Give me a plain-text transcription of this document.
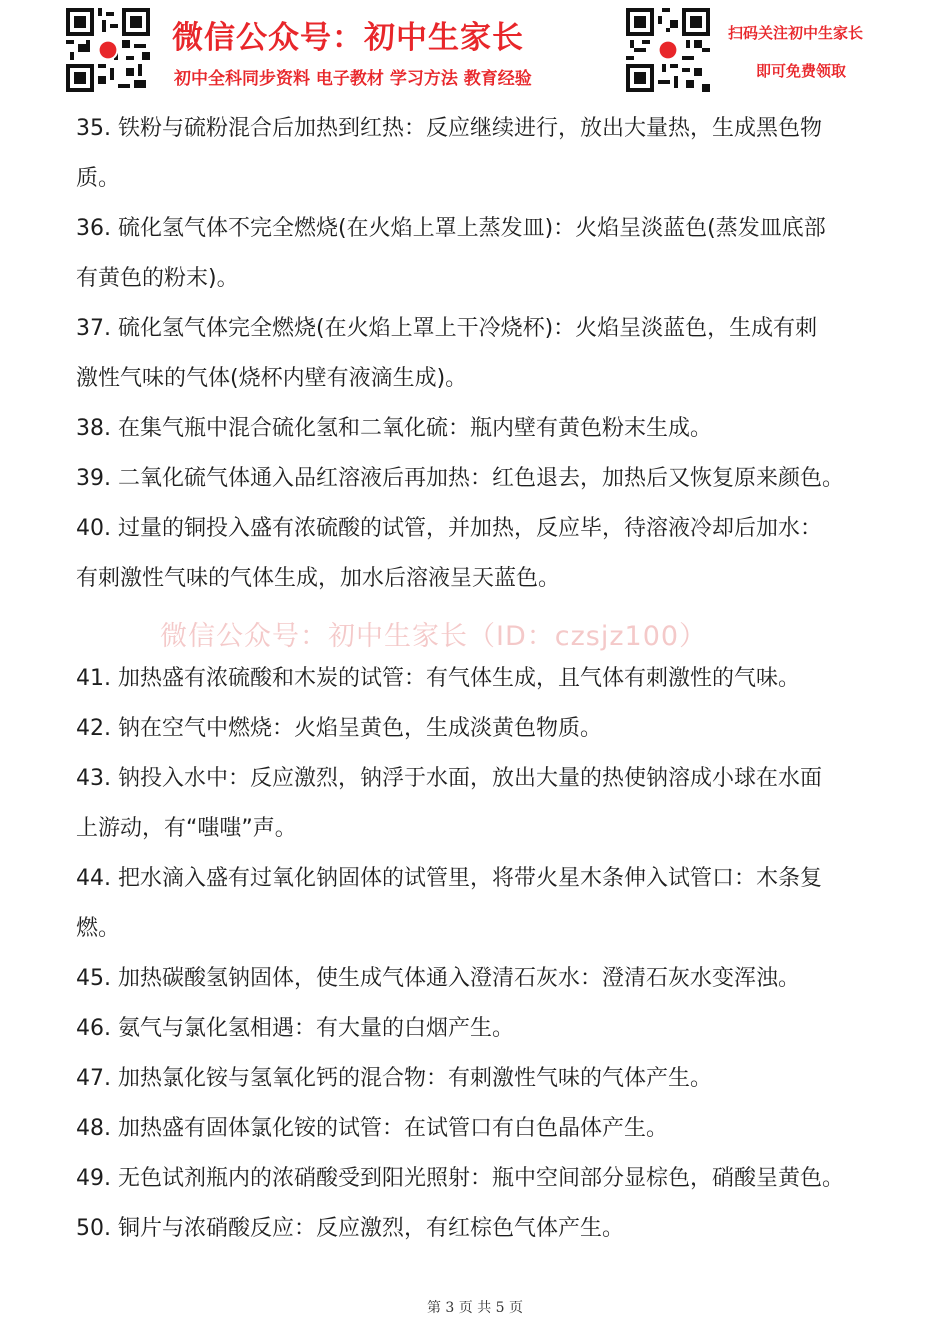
微信公众号：初中生家长
初中全科同步资料 电子教材 学习方法 教育经验
扫码关注初中生家长
即可免费领取
微信公众号：初中生家长（ID：czsjz100）
35. 铁粉与硫粉混合后加热到红热：反应继续进行，放出大量热，生成黑色物
质。
36. 硫化氢气体不完全燃烧(在火焰上罩上蒸发皿)：火焰呈淡蓝色(蒸发皿底部
有黄色的粉末)。
37. 硫化氢气体完全燃烧(在火焰上罩上干冷烧杯)：火焰呈淡蓝色，生成有刺
激性气味的气体(烧杯内壁有液滴生成)。
38. 在集气瓶中混合硫化氢和二氧化硫：瓶内壁有黄色粉末生成。
39. 二氧化硫气体通入品红溶液后再加热：红色退去，加热后又恢复原来颜色。
40. 过量的铜投入盛有浓硫酸的试管，并加热，反应毕，待溶液冷却后加水：
有刺激性气味的气体生成，加水后溶液呈天蓝色。
41. 加热盛有浓硫酸和木炭的试管：有气体生成，且气体有刺激性的气味。
42. 钠在空气中燃烧：火焰呈黄色，生成淡黄色物质。
43. 钠投入水中：反应激烈，钠浮于水面，放出大量的热使钠溶成小球在水面
上游动，有“嗤嗤”声。
44. 把水滴入盛有过氧化钠固体的试管里，将带火星木条伸入试管口：木条复
燃。
45. 加热碳酸氢钠固体，使生成气体通入澄清石灰水：澄清石灰水变浑浊。
46. 氨气与氯化氢相遇：有大量的白烟产生。
47. 加热氯化铵与氢氧化钙的混合物：有刺激性气味的气体产生。
48. 加热盛有固体氯化铵的试管：在试管口有白色晶体产生。
49. 无色试剂瓶内的浓硝酸受到阳光照射：瓶中空间部分显棕色，硝酸呈黄色。
50. 铜片与浓硝酸反应：反应激烈，有红棕色气体产生。
第 3 页 共 5 页
